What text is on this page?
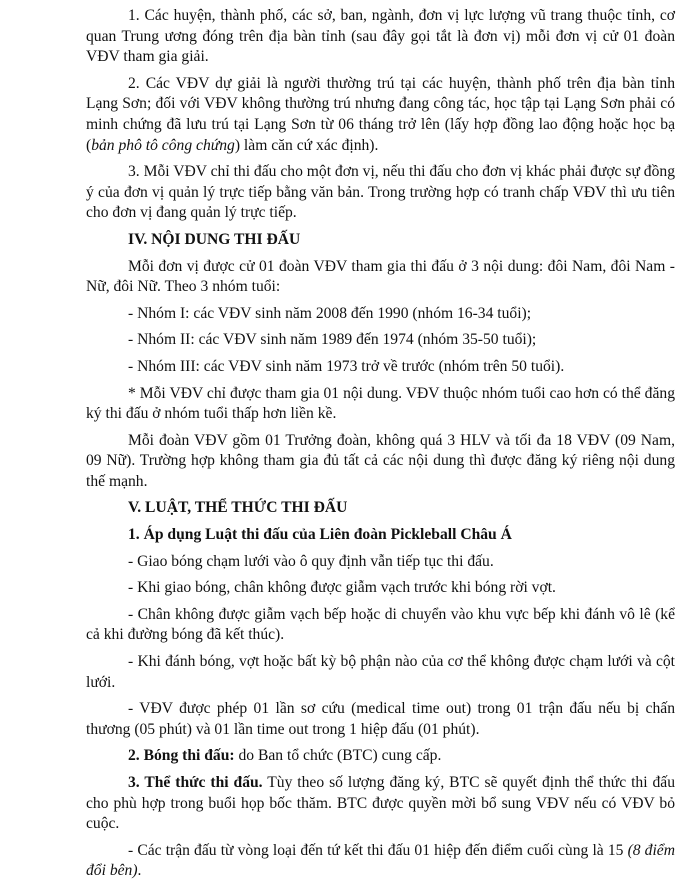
1. Các huyện, thành phố, các sở, ban, ngành, đơn vị lực lượng vũ trang thuộc tỉnh, cơ quan Trung ương đóng trên địa bàn tỉnh (sau đây gọi tắt là đơn vị) mỗi đơn vị cử 01 đoàn VĐV tham gia giải.

2. Các VĐV dự giải là người thường trú tại các huyện, thành phố trên địa bàn tỉnh Lạng Sơn; đối với VĐV không thường trú nhưng đang công tác, học tập tại Lạng Sơn phải có minh chứng đã lưu trú tại Lạng Sơn từ 06 tháng trở lên (lấy hợp đồng lao động hoặc học bạ (bản phô tô công chứng) làm căn cứ xác định).

3. Mỗi VĐV chỉ thi đấu cho một đơn vị, nếu thi đấu cho đơn vị khác phải được sự đồng ý của đơn vị quản lý trực tiếp bằng văn bản. Trong trường hợp có tranh chấp VĐV thì ưu tiên cho đơn vị đang quản lý trực tiếp.

IV. NỘI DUNG THI ĐẤU

Mỗi đơn vị được cử 01 đoàn VĐV tham gia thi đấu ở 3 nội dung: đôi Nam, đôi Nam - Nữ, đôi Nữ. Theo 3 nhóm tuổi:

- Nhóm I: các VĐV sinh năm 2008 đến 1990 (nhóm 16-34 tuổi);

- Nhóm II: các VĐV sinh năm 1989 đến 1974 (nhóm 35-50 tuổi);

- Nhóm III: các VĐV sinh năm 1973 trở về trước (nhóm trên 50 tuổi).

* Mỗi VĐV chỉ được tham gia 01 nội dung. VĐV thuộc nhóm tuổi cao hơn có thể đăng ký thi đấu ở nhóm tuổi thấp hơn liền kề.

Mỗi đoàn VĐV gồm 01 Trưởng đoàn, không quá 3 HLV và tối đa 18 VĐV (09 Nam, 09 Nữ). Trường hợp không tham gia đủ tất cả các nội dung thì được đăng ký riêng nội dung thế mạnh.

V. LUẬT, THỂ THỨC THI ĐẤU

1. Áp dụng Luật thi đấu của Liên đoàn Pickleball Châu Á

- Giao bóng chạm lưới vào ô quy định vẫn tiếp tục thi đấu.

- Khi giao bóng, chân không được giẫm vạch trước khi bóng rời vợt.

- Chân không được giẫm vạch bếp hoặc di chuyển vào khu vực bếp khi đánh vô lê (kể cả khi đường bóng đã kết thúc).

- Khi đánh bóng, vợt hoặc bất kỳ bộ phận nào của cơ thể không được chạm lưới và cột lưới.

- VĐV được phép 01 lần sơ cứu (medical time out) trong 01 trận đấu nếu bị chấn thương (05 phút) và 01 lần time out trong 1 hiệp đấu (01 phút).

2. Bóng thi đấu: do Ban tổ chức (BTC) cung cấp.

3. Thể thức thi đấu. Tùy theo số lượng đăng ký, BTC sẽ quyết định thể thức thi đấu cho phù hợp trong buổi họp bốc thăm. BTC được quyền mời bổ sung VĐV nếu có VĐV bỏ cuộc.

- Các trận đấu từ vòng loại đến tứ kết thi đấu 01 hiệp đến điểm cuối cùng là 15 (8 điểm đổi bên).
